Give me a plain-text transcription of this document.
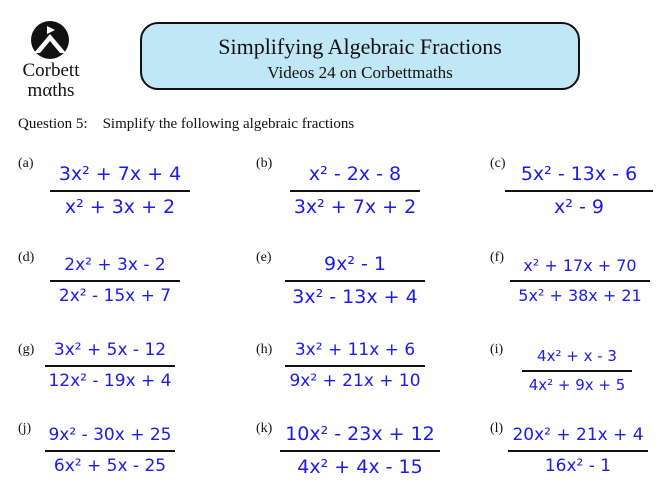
Corbett
mαths
Simplifying Algebraic Fractions
Videos 24 on Corbettmaths
Question 5: Simplify the following algebraic fractions
(a)	3x² + 7x + 4
x² + 3x + 2
(b)	x² - 2x - 8
3x² + 7x + 2
(c) 5x² - 13x - 6
x² - 9
(d)	2x² + 3x - 2
2x² - 15x + 7
(e)	9x² - 1
3x² - 13x + 4
(f)	x² + 17x + 70
5x² + 38x + 21
(g)	3x² + 5x - 12
12x² - 19x + 4
(h)	3x² + 11x + 6
9x² + 21x + 10
(i)	4x² + x - 3
4x² + 9x + 5
(j) 9x² - 30x + 25
6x² + 5x - 25
(k) 10x² - 23x + 12
4x² + 4x - 15
(l) 20x² + 21x + 4
16x² - 1
